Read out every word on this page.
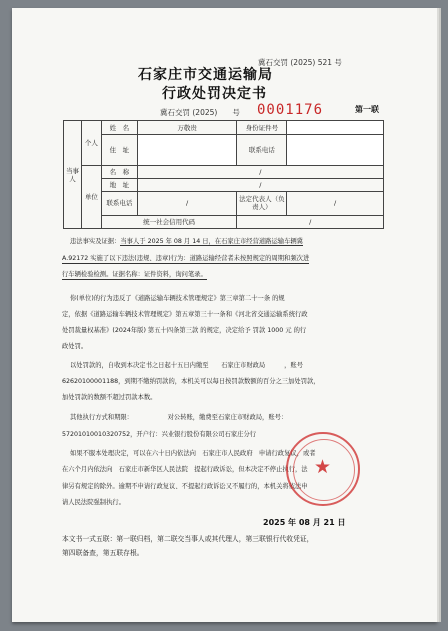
冀石交罚 (2025) 521 号
石家庄市交通运输局
行政处罚决定书
冀石交罚 (2025)　　号 0001176	第一联
当事人	个人	姓　名	万敬贵	身份证件号	
		住　址		联系电话	
	单位	名　称	/		
		地　址	/		
		联系电话	/	法定代表人（负责人）	/
		统一社会信用代码		/	
违法事实及证据：当事人于 2025 年 08 月 14 日，在石家庄市经营道路运输车辆冀
A.92172 实施了以下违法(违规、违章)行为：道路运输经营者未按照规定的周期和频次进
行车辆检验检测。证据名称：证件资料，询问笔录。
你(单位)的行为违反了《道路运输车辆技术管理规定》第三章第二十一条 的规
定，依据《道路运输车辆技术管理规定》第五章第三十一条和《河北省交通运输系统行政
处罚裁量权基准》(2024年版) 第五十四条第三款 的规定，决定给予 罚款 1000 元 的行
政处罚。
以处罚款的，自收到本决定书之日起十五日内缴至　　石家庄市财政局　　　，账号
62620100001188，到期不缴纳罚款的，本机关可以每日按罚款数额的百分之三加处罚款，
加处罚款的数额不超过罚款本数。
其他执行方式和期限：　　　　　　对公转账，缴费至石家庄市财政局，账号：
57201010010320752，开户行：兴业银行股份有限公司石家庄分行
如果不服本处理决定，可以在六十日内依法向　石家庄市人民政府　申请行政复议，或者
在六个月内依法向　石家庄市新华区人民法院　提起行政诉讼，但本决定不停止执行，法
律另有规定的除外。逾期不申请行政复议、不提起行政诉讼又不履行的，本机关将依法申
请人民法院强制执行。
★
2025 年 08 月 21 日
本文书一式五联：第一联归档，第二联交当事人或其代理人，第三联银行代收凭证，
第四联备查，第五联存根。
